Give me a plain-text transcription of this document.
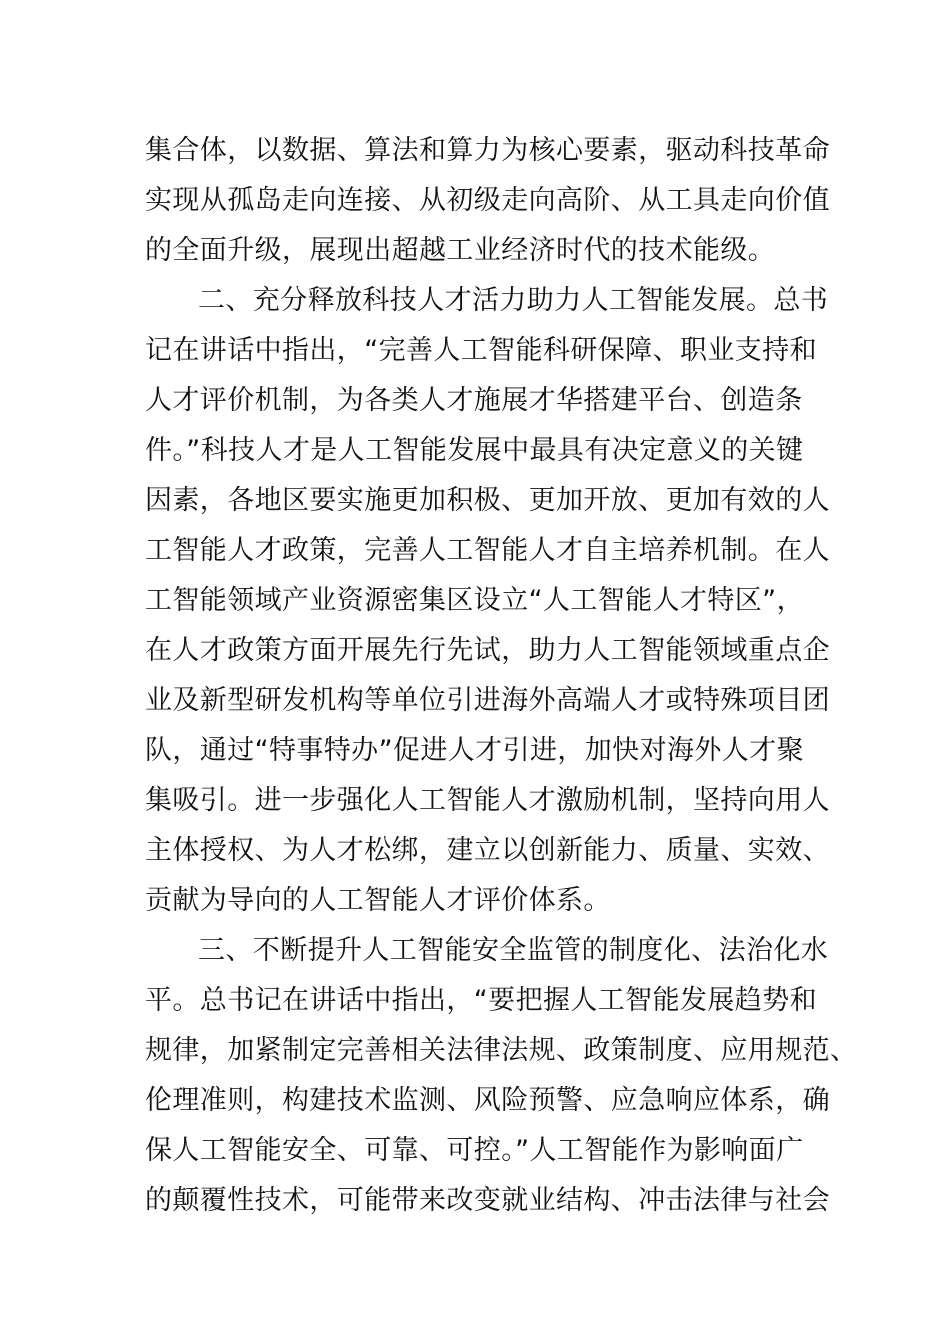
集合体，以数据、算法和算力为核心要素，驱动科技革命
实现从孤岛走向连接、从初级走向高阶、从工具走向价值
的全面升级，展现出超越工业经济时代的技术能级。
二、充分释放科技人才活力助力人工智能发展。总书
记在讲话中指出，“完善人工智能科研保障、职业支持和
人才评价机制，为各类人才施展才华搭建平台、创造条
件。”科技人才是人工智能发展中最具有决定意义的关键
因素，各地区要实施更加积极、更加开放、更加有效的人
工智能人才政策，完善人工智能人才自主培养机制。在人
工智能领域产业资源密集区设立“人工智能人才特区”，
在人才政策方面开展先行先试，助力人工智能领域重点企
业及新型研发机构等单位引进海外高端人才或特殊项目团
队，通过“特事特办”促进人才引进，加快对海外人才聚
集吸引。进一步强化人工智能人才激励机制，坚持向用人
主体授权、为人才松绑，建立以创新能力、质量、实效、
贡献为导向的人工智能人才评价体系。
三、不断提升人工智能安全监管的制度化、法治化水
平。总书记在讲话中指出，“要把握人工智能发展趋势和
规律，加紧制定完善相关法律法规、政策制度、应用规范、
伦理准则，构建技术监测、风险预警、应急响应体系，确
保人工智能安全、可靠、可控。”人工智能作为影响面广
的颠覆性技术，可能带来改变就业结构、冲击法律与社会
